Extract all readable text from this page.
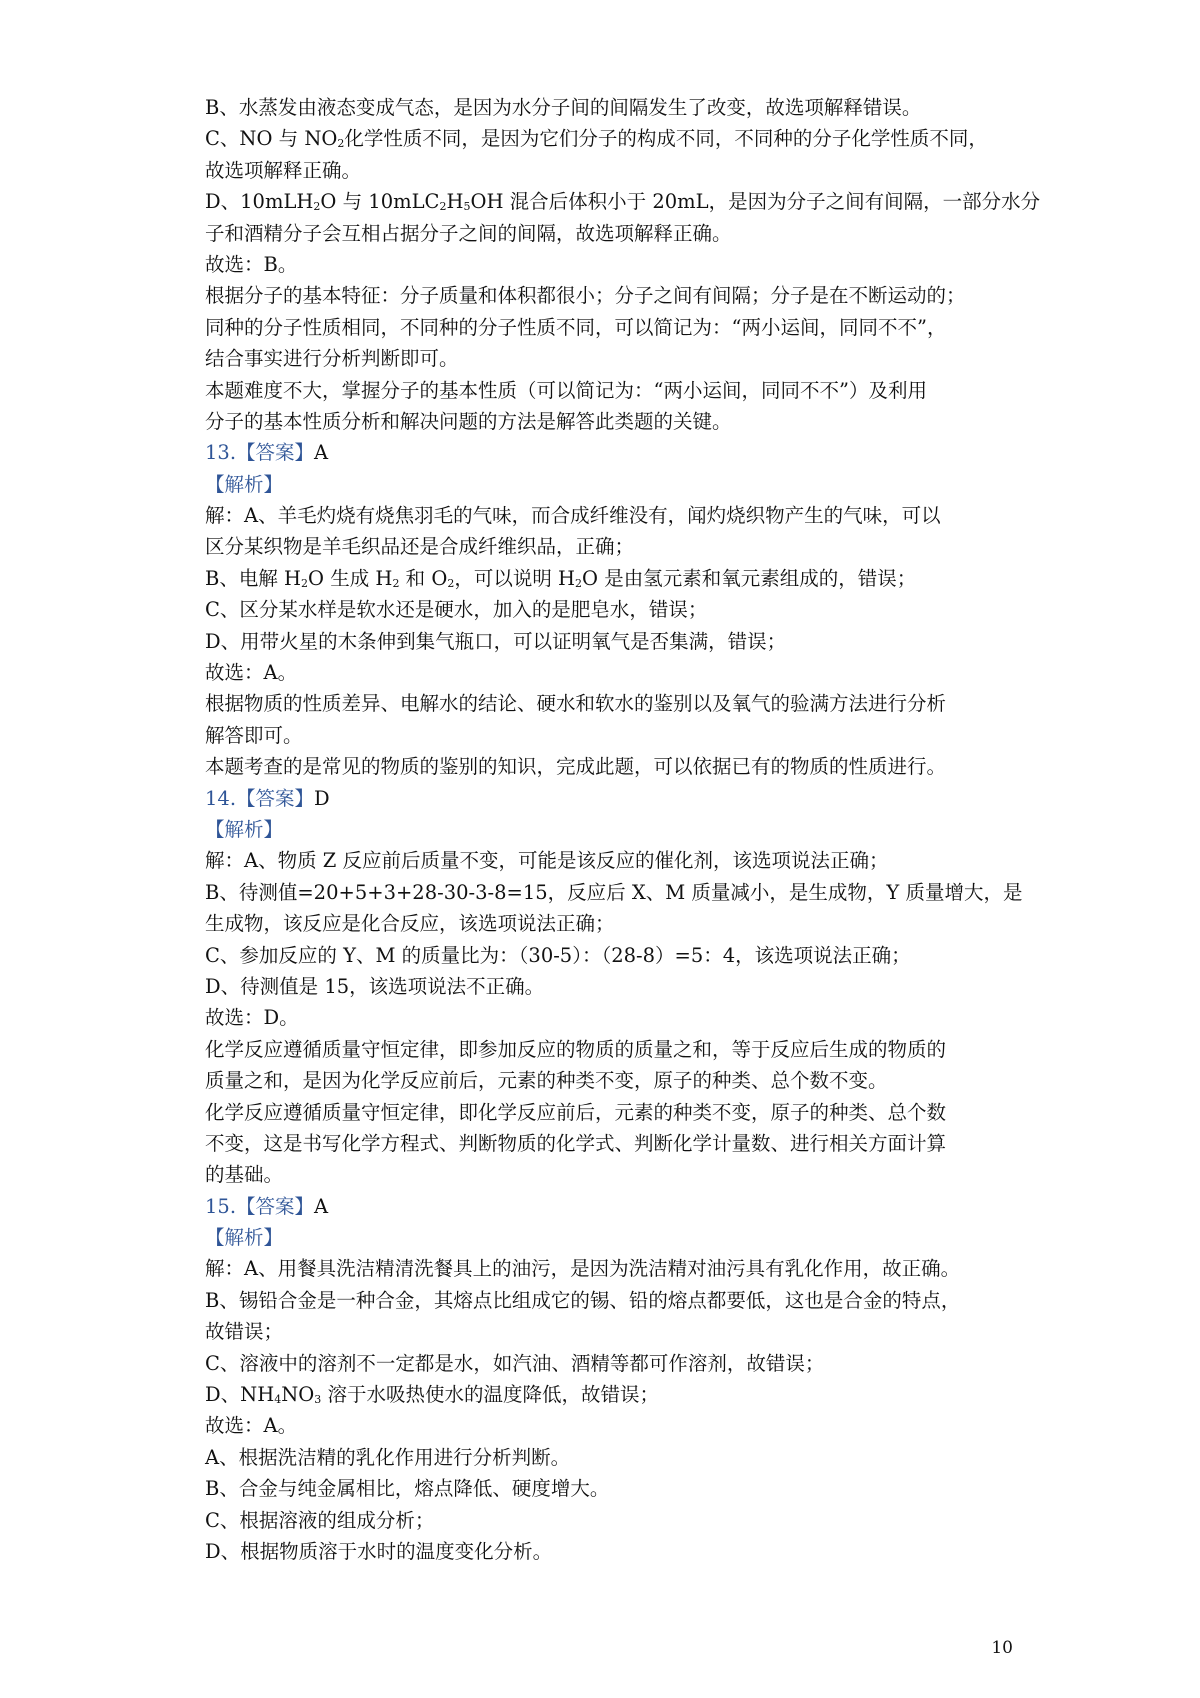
B、水蒸发由液态变成气态，是因为水分子间的间隔发生了改变，故选项解释错误。
C、NO 与 $NO_2$化学性质不同，是因为它们分子的构成不同，不同种的分子化学性质不同，
故选项解释正确。
D、10mLH$_2$O 与 $10mLC_2H_5OH$ 混合后体积小于 20mL，是因为分子之间有间隔，一部分水分
子和酒精分子会互相占据分子之间的间隔，故选项解释正确。
故选：B。
根据分子的基本特征：分子质量和体积都很小；分子之间有间隔；分子是在不断运动的；
同种的分子性质相同，不同种的分子性质不同，可以简记为：“两小运间，同同不不”，
结合事实进行分析判断即可。
本题难度不大，掌握分子的基本性质（可以简记为：“两小运间，同同不不”）及利用
分子的基本性质分析和解决问题的方法是解答此类题的关键。
13.【答案】A
【解析】
解：A、羊毛灼烧有烧焦羽毛的气味，而合成纤维没有，闻灼烧织物产生的气味，可以
区分某织物是羊毛织品还是合成纤维织品，正确；
B、电解 $H_2O$ 生成 $H_2$ 和 $O_2$，可以说明 $H_2O$ 是由氢元素和氧元素组成的，错误；
C、区分某水样是软水还是硬水，加入的是肥皂水，错误；
D、用带火星的木条伸到集气瓶口，可以证明氧气是否集满，错误；
故选：A。
根据物质的性质差异、电解水的结论、硬水和软水的鉴别以及氧气的验满方法进行分析
解答即可。
本题考查的是常见的物质的鉴别的知识，完成此题，可以依据已有的物质的性质进行。
14.【答案】D
【解析】
解：A、物质 Z 反应前后质量不变，可能是该反应的催化剂，该选项说法正确；
B、待测值=20+5+3+28-30-3-8=15，反应后 X、M 质量减小，是生成物，Y 质量增大，是
生成物，该反应是化合反应，该选项说法正确；
C、参加反应的 Y、M 的质量比为：（30-5）：（28-8）=5：4，该选项说法正确；
D、待测值是 15，该选项说法不正确。
故选：D。
化学反应遵循质量守恒定律，即参加反应的物质的质量之和，等于反应后生成的物质的
质量之和，是因为化学反应前后，元素的种类不变，原子的种类、总个数不变。
化学反应遵循质量守恒定律，即化学反应前后，元素的种类不变，原子的种类、总个数
不变，这是书写化学方程式、判断物质的化学式、判断化学计量数、进行相关方面计算
的基础。
15.【答案】A
【解析】
解：A、用餐具洗洁精清洗餐具上的油污，是因为洗洁精对油污具有乳化作用，故正确。
B、锡铅合金是一种合金，其熔点比组成它的锡、铅的熔点都要低，这也是合金的特点，
故错误；
C、溶液中的溶剂不一定都是水，如汽油、酒精等都可作溶剂，故错误；
D、$NH_4NO_3$ 溶于水吸热使水的温度降低，故错误；
故选：A。
A、根据洗洁精的乳化作用进行分析判断。
B、合金与纯金属相比，熔点降低、硬度增大。
C、根据溶液的组成分析；
D、根据物质溶于水时的温度变化分析。
10
